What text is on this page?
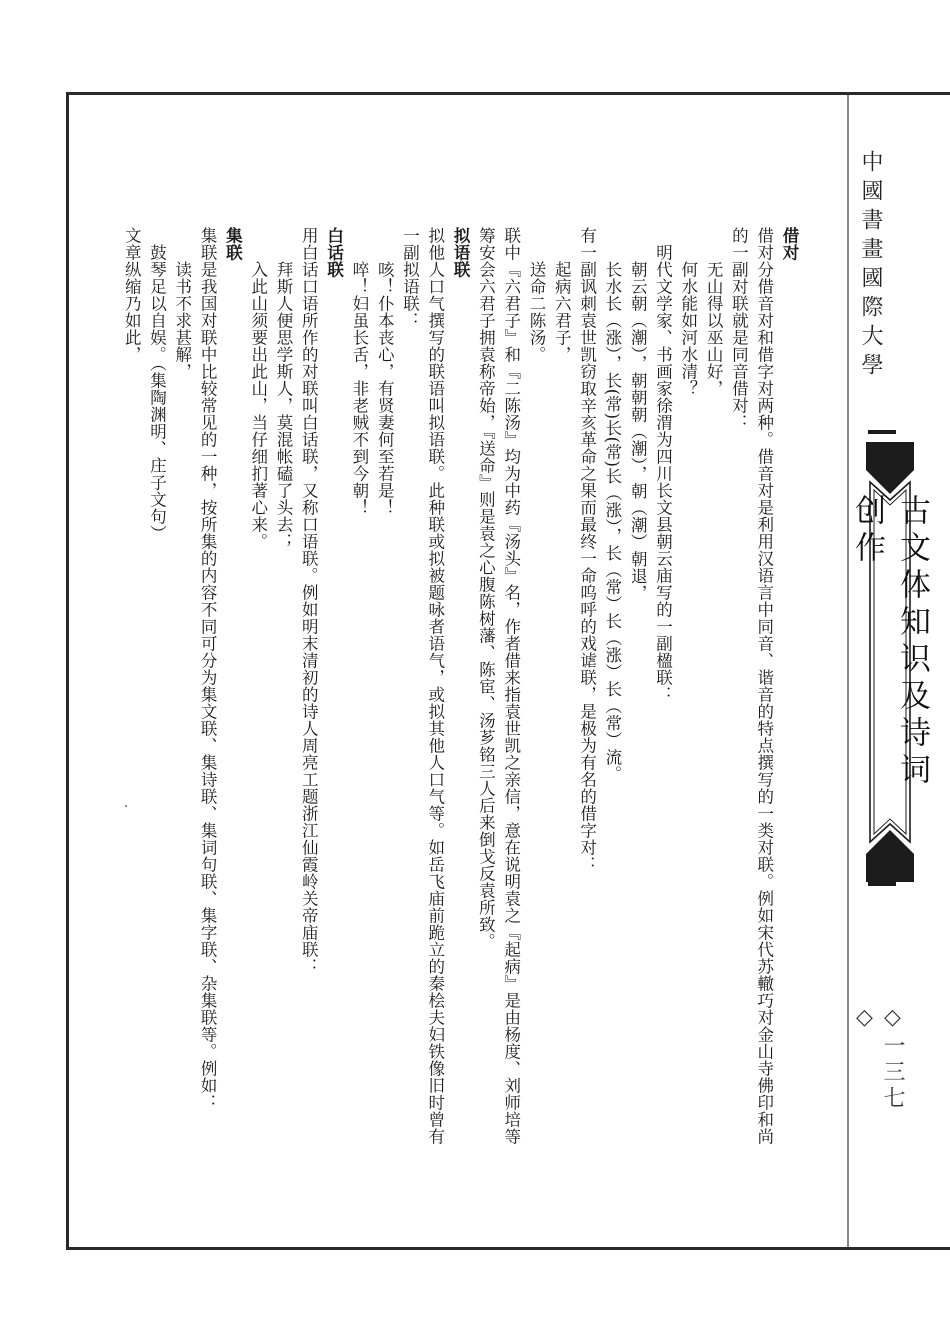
中國書畫國際大學
古文体知识及诗词创作
◇一三七◇
借对
借对分借音对和借字对两种。借音对是利用汉语言中同音、谐音的特点撰写的一类对联。例如宋代苏轍巧对金山寺佛印和尚
的一副对联就是同音借对：
无山得以巫山好，
何水能如河水清？
明代文学家、书画家徐渭为四川长文县朝云庙写的一副楹联：
朝云朝（潮），朝朝朝（潮），朝（潮）朝退，
长水长（涨），长(常)长(常)长（涨），长（常）长（涨）长（常）流。
有一副讽刺袁世凯窃取辛亥革命之果而最终一命呜呼的戏谑联，是极为有名的借字对：
起病六君子，
送命二陈汤。
联中『六君子』和『二陈汤』均为中药『汤头』名，作者借来指袁世凯之亲信，意在说明袁之『起病』是由杨度、刘师培等
筹安会六君子拥袁称帝始，『送命』则是袁之心腹陈树藩、陈宦、汤芗铭三人后来倒戈反袁所致。
拟语联
拟他人口气撰写的联语叫拟语联。此种联或拟被题咏者语气，或拟其他人口气等。如岳飞庙前跪立的秦桧夫妇铁像旧时曾有
一副拟语联：
咳！仆本丧心，有贤妻何至若是！
啐！妇虽长舌，非老贼不到今朝！
白话联
用白话口语所作的对联叫白话联，又称口语联。例如明末清初的诗人周亮工题浙江仙霞岭关帝庙联：
拜斯人便思学斯人，莫混帐磕了头去；
入此山须要出此山，当仔细扪著心来。
集联
集联是我国对联中比较常见的一种，按所集的内容不同可分为集文联、集诗联、集词句联、集字联、杂集联等。例如：
读书不求甚解，
鼓琴足以自娱。（集陶渊明、庄子文句）
文章纵缩乃如此，
